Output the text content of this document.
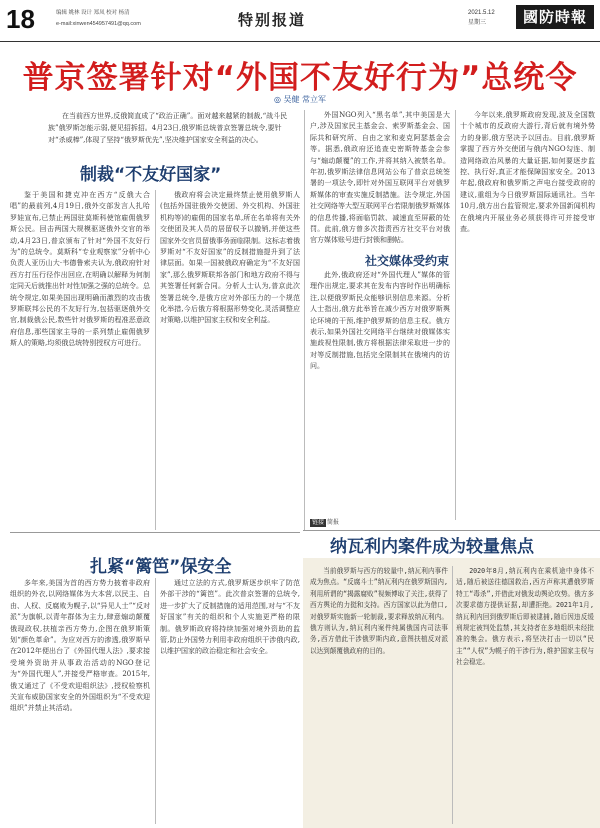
18	编辑 姚林 设计 郑凤 校对 杨清
e-mail:xinwen454957491@qq.com	特别报道	2021.5.12
星期三	國防時報
普京签署针对“外国不友好行为”总统令
◎ 吴健 常立军
在当前西方世界,反俄简直成了“政治正确”。面对越来越紧的制裁,“战斗民族”俄罗斯怎能示弱,便见招拆招。4月23日,俄罗斯总统普京签署总统令,要针对“杀威棒”,体现了坚持“俄罗斯优先”,坚决维护国家安全利益的决心。
制裁“不友好国家”

鉴于美国和捷克冲在西方“反俄大合唱”的最前列,4月19日,俄外交部发言人扎哈罗娃宣布,已禁止两国驻莫斯科使馆雇佣俄罗斯公民。回击两国大规模驱逐俄外交官的举动,4月23日,普京颁布了针对“外国不友好行为”的总统令。莫斯科“专业观察家”分析中心负责人亚历山大·韦德鲁索夫认为,俄政府针对西方打压行径作出回应,在明确以解释为何制定同天后就推出针对性加强之强的总统令。总统令规定,如果美国出现明确而激烈的攻击俄罗斯联邦公民的不友好行为,包括驱逐俄外交官,制裁俄公民,数些针对俄罗斯的程准恶意政府信息,那些国家主导的一系列禁止雇佣俄罗斯人的策略,均须俄总统特别授权方可进行。

俄政府将会决定最终禁止使用俄罗斯人(包括外国驻俄外交使团、外交机构、外国驻机构等)的雇佣的国家名单,所在名单将有关外交使团及其人员的居留权予以撤销,并使这些国家外交官员留俄事务面临限制。这标志着俄罗斯对“不友好国家”的反制措施提升到了法律层面。如果一国被俄政府确定为“不友好国家”,那么俄罗斯联邦各部门和地方政府不得与其签署任何新合同。分析人士认为,普京此次签署总统令,是俄方应对外部压力的一个规范化举措,今后俄方将根据形势变化,灵活调整应对策略,以维护国家主权和安全利益。

外国NGO列入“黑名单”,其中美国是大户,涉及国家民主基金会、索罗斯基金会、国际共和研究所、自由之家和麦克阿瑟基金会等。据悉,俄政府还追查史密斯特基金会参与“煽动颠覆”的工作,并将其纳入被禁名单。年初,俄罗斯法律信息网站公布了普京总统签署的一项法令,即针对外国互联网平台对俄罗斯媒体的审查实施反制措施。法令规定,外国社交网络等大型互联网平台若限制俄罗斯媒体的信息传播,将面临罚款、减速直至屏蔽的处罚。此前,俄方曾多次指责西方社交平台对俄官方媒体账号进行封锁和删帖。

社交媒体受约束

此外,俄政府还对“外国代理人”媒体的管理作出规定,要求其在发布内容时作出明确标注,以便俄罗斯民众能够识别信息来源。分析人士指出,俄方此举旨在减少西方对俄罗斯舆论环境的干预,维护俄罗斯的信息主权。俄方表示,如果外国社交网络平台继续对俄媒体实施歧视性限制,俄方将根据法律采取进一步的对等反制措施,包括完全限制其在俄境内的访问。

今年以来,俄罗斯政府发现,波及全国数十个城市的反政府大游行,背后就有境外势力的身影,俄方坚决予以回击。目前,俄罗斯掌握了西方外交使团与俄内NGO勾连、制造网络政治风暴的大量证据,如何要逐步监控、执行好,真正才能保障国家安全。2013年起,俄政府和俄罗斯之声电台接受政府的建议,重组为今日俄罗斯国际通讯社。当年10月,俄方出台监管规定,要求外国新闻机构在俄境内开展业务必须获得许可并接受审查。

链接 简报
扎紧“篱笆”保安全

多年来,美国为首的西方势力披着非政府组织的外衣,以网络媒体为大本营,以民主、自由、人权、反腐败为幌子,以“异见人士”“反对派”为旗帜,以青年群体为主力,肆意煽动颠覆俄现政权,扶植亲西方势力,企图在俄罗斯策划“颜色革命”。为应对西方的渗透,俄罗斯早在2012年便出台了《外国代理人法》,要求接受境外资助并从事政治活动的NGO登记为“外国代理人”,并接受严格审查。2015年,俄又通过了《不受欢迎组织法》,授权检察机关宣布威胁国家安全的外国组织为“不受欢迎组织”并禁止其活动。

通过立法的方式,俄罗斯逐步织牢了防范外部干涉的“篱笆”。此次普京签署的总统令,进一步扩大了反制措施的适用范围,对与“不友好国家”有关的组织和个人实施更严格的限制。俄罗斯政府将持续加强对境外资助的监管,防止外国势力利用非政府组织干涉俄内政,以维护国家的政治稳定和社会安全。

纳瓦利内案件成为较量焦点

当前俄罗斯与西方的较量中,纳瓦利内事件成为焦点。“反腐斗士”纳瓦利内在俄罗斯国内,利用所谓的“揭露腐败”视频博取了关注,获得了西方舆论的力挺和支持。西方国家以此为借口,对俄罗斯实施新一轮制裁,要求释放纳瓦利内。俄方则认为,纳瓦利内案件纯属俄国内司法事务,西方借此干涉俄罗斯内政,意图扶植反对派以达到颠覆俄政府的目的。

2020年8月,纳瓦利内在乘机途中身体不适,随后被送往德国救治,西方声称其遭俄罗斯特工“毒杀”,并借此对俄发动舆论攻势。俄方多次要求德方提供证据,却遭拒绝。2021年1月,纳瓦利内回到俄罗斯后即被逮捕,随后因违反缓刑规定被判处监禁,其支持者在多地组织未经批准的集会。俄方表示,将坚决打击一切以“民主”“人权”为幌子的干涉行为,维护国家主权与社会稳定。
